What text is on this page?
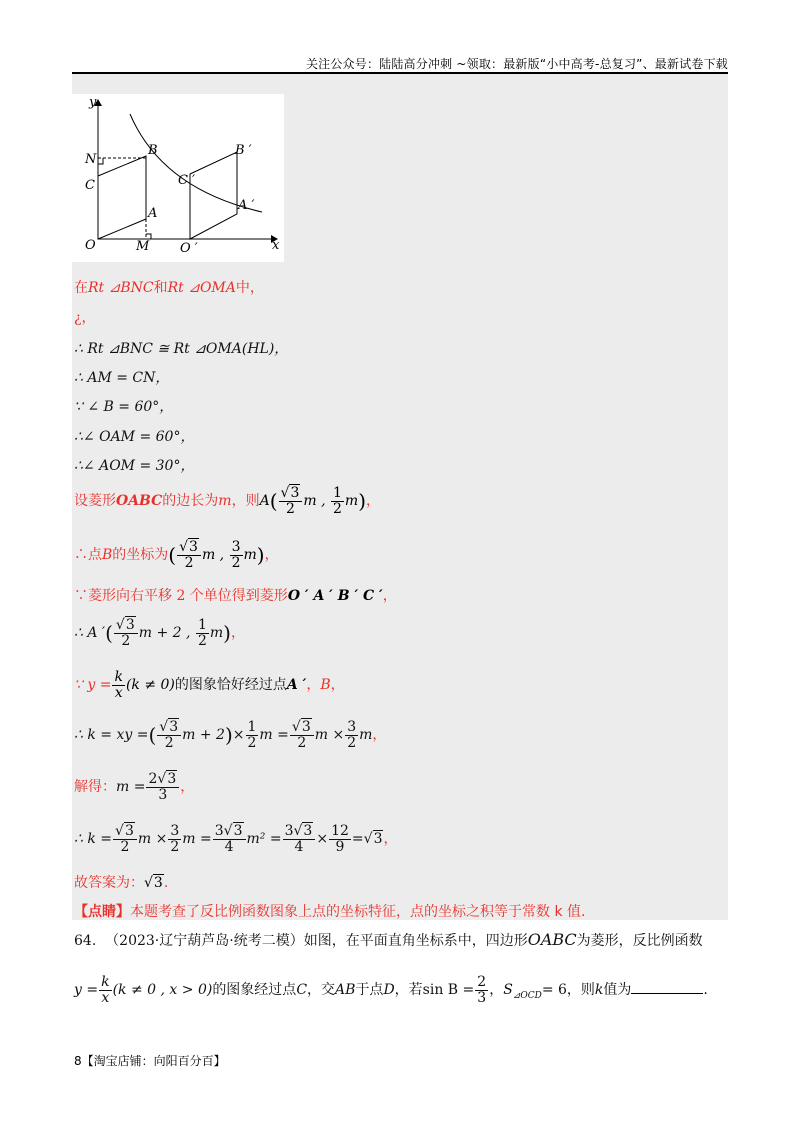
关注公众号：陆陆高分冲刺 ~领取：最新版“小中高考-总复习”、最新试卷下载
y
x
N
C
B
A
O	M
B ′
C ′
A ′
O ′
在Rt ⊿BNC和Rt ⊿OMA中，
¿，
∴ Rt ⊿BNC ≅ Rt ⊿OMA(HL)，
∴ AM = CN，
∵ ∠ B = 60°，
∴∠ OAM = 60°，
∴∠ AOM = 30°，
设菱形OABC的边长为m，则$A( \frac{√3}{2}$ m , $\frac{1}{2} m$)，
∴点B的坐标为( $\frac{√3}{2}$ m , $\frac{3}{2} m$)，
∵菱形向右平移 2 个单位得到菱形O ′ A ′ B ′ C ′，
∴ A ′( $\frac{√3}{2}$ m + 2 , $\frac{1}{2} m$)，
∵ $y = \frac{k}{x} (k \ne 0)$的图象恰好经过点A ′，B，
∴ k = xy =( $\frac{√3}{2}$ $m + 2)\times \frac{1}{2}$ $m = \frac{√3}{2}$ $m \times \frac{3}{2}$ m，
解得：$m = \frac{2√3}{3}$ ，
∴ $k = \frac{√3}{2}$ $m \times \frac{3}{2}$ $m = \frac{3√3}{4} m^2 = \frac{3√3}{4} \times \frac{12}{9} =√3$，
故答案为：√3.
【点睛】本题考查了反比例函数图象上点的坐标特征，点的坐标之积等于常数 k 值.
64. （2023·辽宁葫芦岛·统考二模）如图，在平面直角坐标系中，四边形OABC为菱形，反比例函数
$y = \frac{k}{x} (k \ne 0$ , x > 0)的图象经过点C，交AB于点D，若$\sin B = \frac{2}{3}$ ，$S_{⊿OCD}= 6$，则k值为	.
8【淘宝店铺：向阳百分百】
